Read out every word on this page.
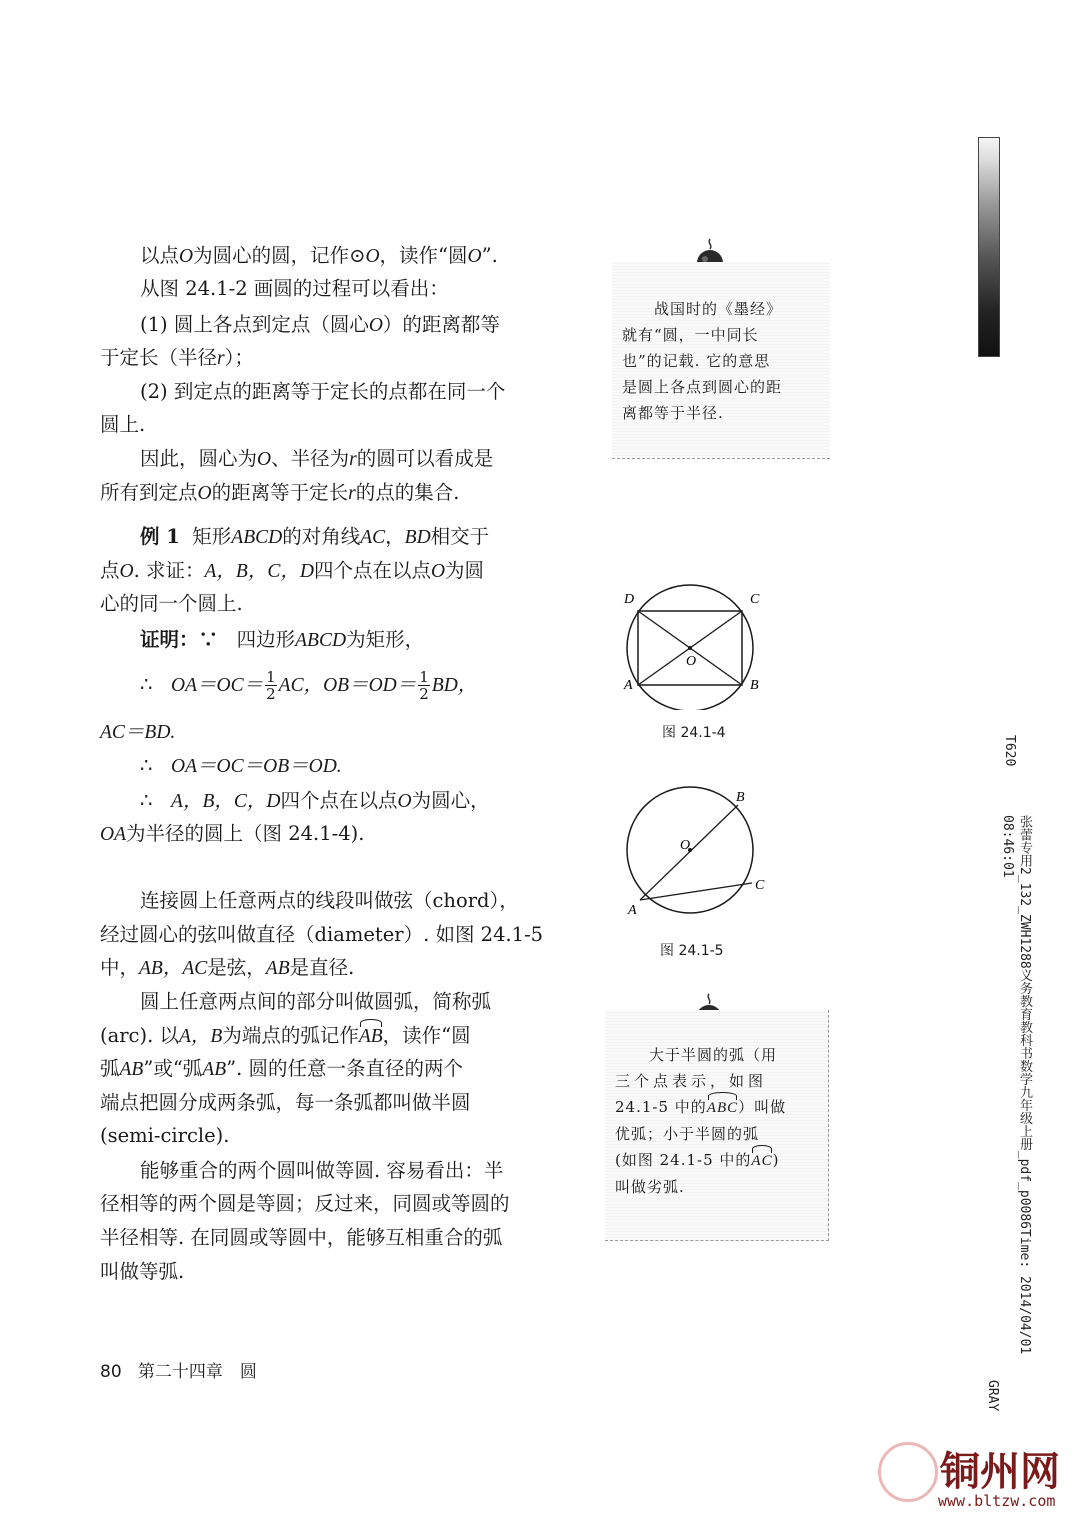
以点O为圆心的圆，记作⊙O，读作“圆O”.
从图 24.1-2 画圆的过程可以看出：
(1) 圆上各点到定点（圆心O）的距离都等
于定长（半径r）；
(2) 到定点的距离等于定长的点都在同一个
圆上.
因此，圆心为O、半径为r的圆可以看成是
所有到定点O的距离等于定长r的点的集合.
例 1 矩形ABCD的对角线AC，BD相交于
点O. 求证：A，B，C，D四个点在以点O为圆
心的同一个圆上.
证明：∵ 四边形ABCD为矩形，
∴ $OA=OC= \frac{1}{2}$ AC，$OB=OD= \frac{1}{2}$ BD，
AC＝BD.
∴ OA＝OC＝OB＝OD.
∴ A，B，C，D四个点在以点O为圆心，
OA为半径的圆上（图 24.1-4).
连接圆上任意两点的线段叫做弦（chord），
经过圆心的弦叫做直径（diameter）. 如图 24.1-5
中，AB，AC是弦，AB是直径.
圆上任意两点间的部分叫做圆弧，简称弧
(arc). 以A，B为端点的弧记作AB，读作“圆
弧AB”或“弧AB”. 圆的任意一条直径的两个
端点把圆分成两条弧，每一条弧都叫做半圆
(semi-circle).
能够重合的两个圆叫做等圆. 容易看出：半
径相等的两个圆是等圆；反过来，同圆或等圆的
半径相等. 在同圆或等圆中，能够互相重合的弧
叫做等弧.
战国时的《墨经》
就有“圆，一中同长
也”的记载. 它的意思
是圆上各点到圆心的距
离都等于半径.
D	C
A	B
O
图 24.1-4
A
B
C
O
图 24.1-5
大于半圆的弧（用
三个点表示，如图
24.1-5 中的ABC）叫做
优弧；小于半圆的弧
(如图 24.1-5 中的AC)
叫做劣弧.
80 第二十四章　圆
T620
张蕾专用2_132_ZWH1288义务教育教科书数学九年级上册_pdf_p0086Time: 2014/04/01 08:46:01
GRAY
铜州网
www.bltzw.com
